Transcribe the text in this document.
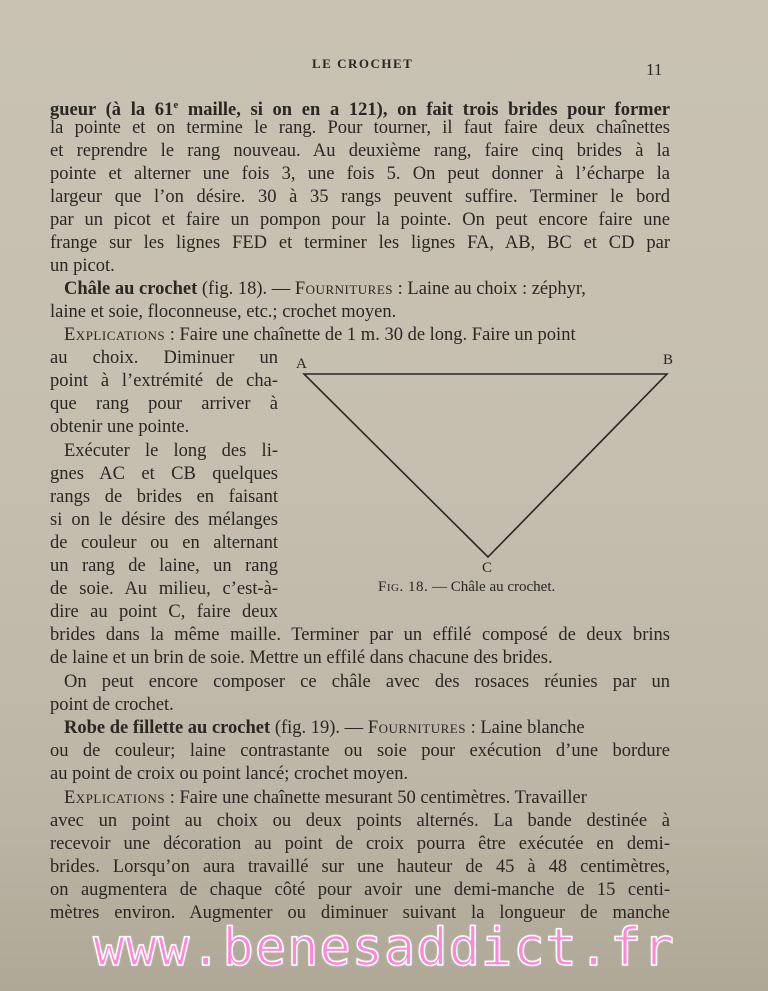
LE CROCHET	11
gueur (à la 61e maille, si on en a 121), on fait trois brides pour former
la pointe et on termine le rang. Pour tourner, il faut faire deux chaînettes
et reprendre le rang nouveau. Au deuxième rang, faire cinq brides à la
pointe et alterner une fois 3, une fois 5. On peut donner à l’écharpe la
largeur que l’on désire. 30 à 35 rangs peuvent suffire. Terminer le bord
par un picot et faire un pompon pour la pointe. On peut encore faire une
frange sur les lignes FED et terminer les lignes FA, AB, BC et CD par
un picot.
Châle au crochet (fig. 18). — Fournitures : Laine au choix : zéphyr,
laine et soie, floconneuse, etc.; crochet moyen.
Explications : Faire une chaînette de 1 m. 30 de long. Faire un point
au choix. Diminuer un
point à l’extrémité de cha-
que rang pour arriver à
obtenir une pointe.
Exécuter le long des li-
gnes AC et CB quelques
rangs de brides en faisant
si on le désire des mélanges
de couleur ou en alternant
un rang de laine, un rang
de soie. Au milieu, c’est-à-
dire au point C, faire deux
brides dans la même maille. Terminer par un effilé composé de deux brins
de laine et un brin de soie. Mettre un effilé dans chacune des brides.
On peut encore composer ce châle avec des rosaces réunies par un
point de crochet.
A	B
C
Fig. 18. — Châle au crochet.
Robe de fillette au crochet (fig. 19). — Fournitures : Laine blanche
ou de couleur; laine contrastante ou soie pour exécution d’une bordure
au point de croix ou point lancé; crochet moyen.
Explications : Faire une chaînette mesurant 50 centimètres. Travailler
avec un point au choix ou deux points alternés. La bande destinée à
recevoir une décoration au point de croix pourra être exécutée en demi-
brides. Lorsqu’on aura travaillé sur une hauteur de 45 à 48 centimètres,
on augmentera de chaque côté pour avoir une demi-manche de 15 centi-
mètres environ. Augmenter ou diminuer suivant la longueur de manche
www.benesaddict.fr
